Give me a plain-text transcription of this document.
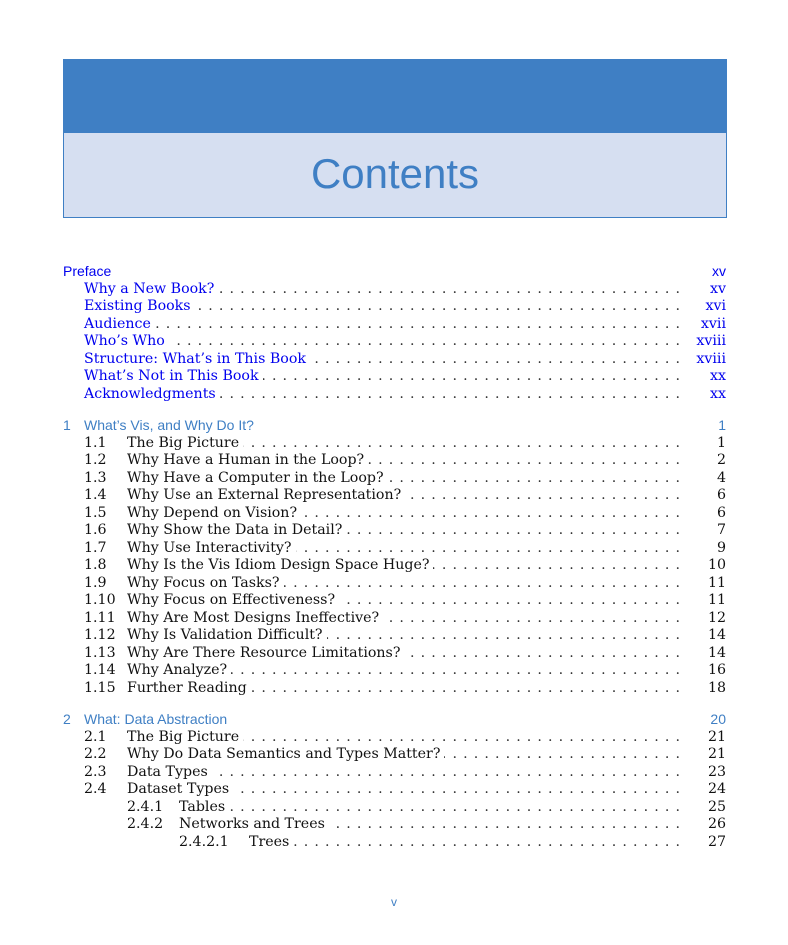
Contents
Preface	xv
Why a New Book? . . .	xv
Existing Books . . .	xvi
Audience . . .	xvii
Who’s Who . . .	xviii
Structure: What’s in This Book . . .	xviii
What’s Not in This Book . . .	xx
Acknowledgments . . .	xx
1 What’s Vis, and Why Do It?	1
1.1 The Big Picture . . .	1
1.2 Why Have a Human in the Loop? . . .	2
1.3 Why Have a Computer in the Loop? . . .	4
1.4 Why Use an External Representation? . . .	6
1.5 Why Depend on Vision? . . .	6
1.6 Why Show the Data in Detail? . . .	7
1.7 Why Use Interactivity? . . .	9
1.8 Why Is the Vis Idiom Design Space Huge? . . .	10
1.9 Why Focus on Tasks? . . .	11
1.10 Why Focus on Effectiveness? . . .	11
1.11 Why Are Most Designs Ineffective? . . .	12
1.12 Why Is Validation Difficult? . . .	14
1.13 Why Are There Resource Limitations? . . .	14
1.14 Why Analyze? . . .	16
1.15 Further Reading . . .	18
2 What: Data Abstraction	20
2.1 The Big Picture . . .	21
2.2 Why Do Data Semantics and Types Matter? . . .	21
2.3 Data Types . . .	23
2.4 Dataset Types . . .	24
2.4.1 Tables . . .	25
2.4.2 Networks and Trees . . .	26
2.4.2.1 Trees . . .	27
v
